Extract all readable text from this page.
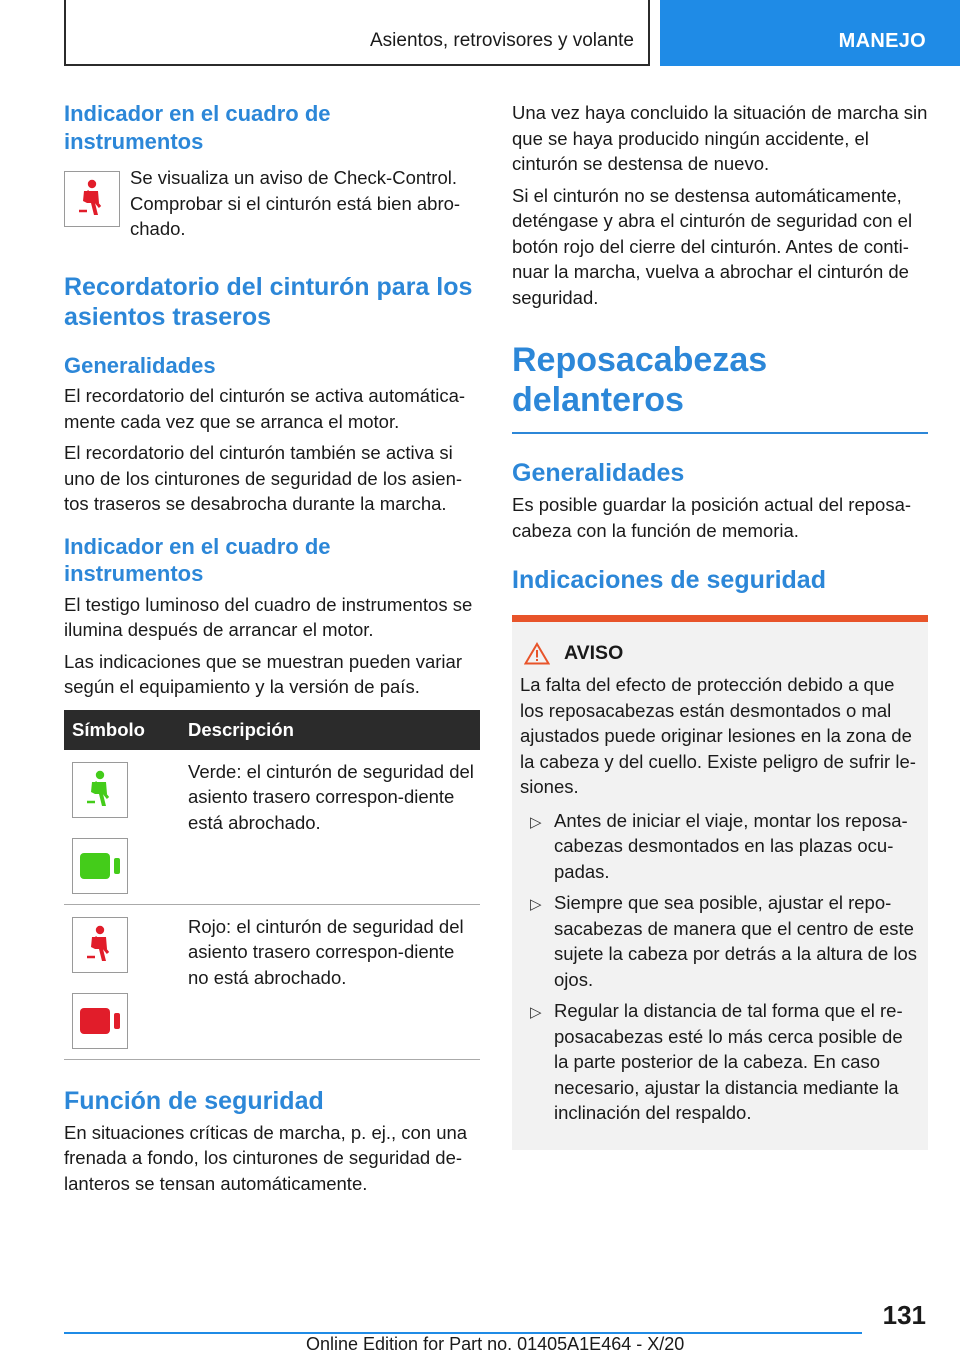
Asientos, retrovisores y volante	MANEJO
Indicador en el cuadro de instrumentos

Se visualiza un aviso de Check-Control. Comprobar si el cinturón está bien abro-chado.

Recordatorio del cinturón para los asientos traseros
Generalidades

El recordatorio del cinturón se activa automática-mente cada vez que se arranca el motor.

El recordatorio del cinturón también se activa si uno de los cinturones de seguridad de los asien-tos traseros se desabrocha durante la marcha.

Indicador en el cuadro de instrumentos

El testigo luminoso del cuadro de instrumentos se ilumina después de arrancar el motor.

Las indicaciones que se muestran pueden variar según el equipamiento y la versión de país.

Símbolo	Descripción

	Verde: el cinturón de seguridad del asiento trasero correspon-diente está abrochado.

	Rojo: el cinturón de seguridad del asiento trasero correspon-diente no está abrochado.
Función de seguridad

En situaciones críticas de marcha, p. ej., con una frenada a fondo, los cinturones de seguridad de-lanteros se tensan automáticamente.

Una vez haya concluido la situación de marcha sin que se haya producido ningún accidente, el cinturón se destensa de nuevo.

Si el cinturón no se destensa automáticamente, deténgase y abra el cinturón de seguridad con el botón rojo del cierre del cinturón. Antes de conti-nuar la marcha, vuelva a abrochar el cinturón de seguridad.

Reposacabezas delanteros
Generalidades

Es posible guardar la posición actual del reposa-cabeza con la función de memoria.

Indicaciones de seguridad
AVISO

La falta del efecto de protección debido a que los reposacabezas están desmontados o mal ajustados puede originar lesiones en la zona de la cabeza y del cuello. Existe peligro de sufrir le-siones.

▷ Antes de iniciar el viaje, montar los reposa-cabezas desmontados en las plazas ocu-padas.
▷ Siempre que sea posible, ajustar el repo-sacabezas de manera que el centro de este sujete la cabeza por detrás a la altura de los ojos.
▷ Regular la distancia de tal forma que el re-posacabezas esté lo más cerca posible de la parte posterior de la cabeza. En caso necesario, ajustar la distancia mediante la inclinación del respaldo.
131
Online Edition for Part no. 01405A1E464 - X/20
